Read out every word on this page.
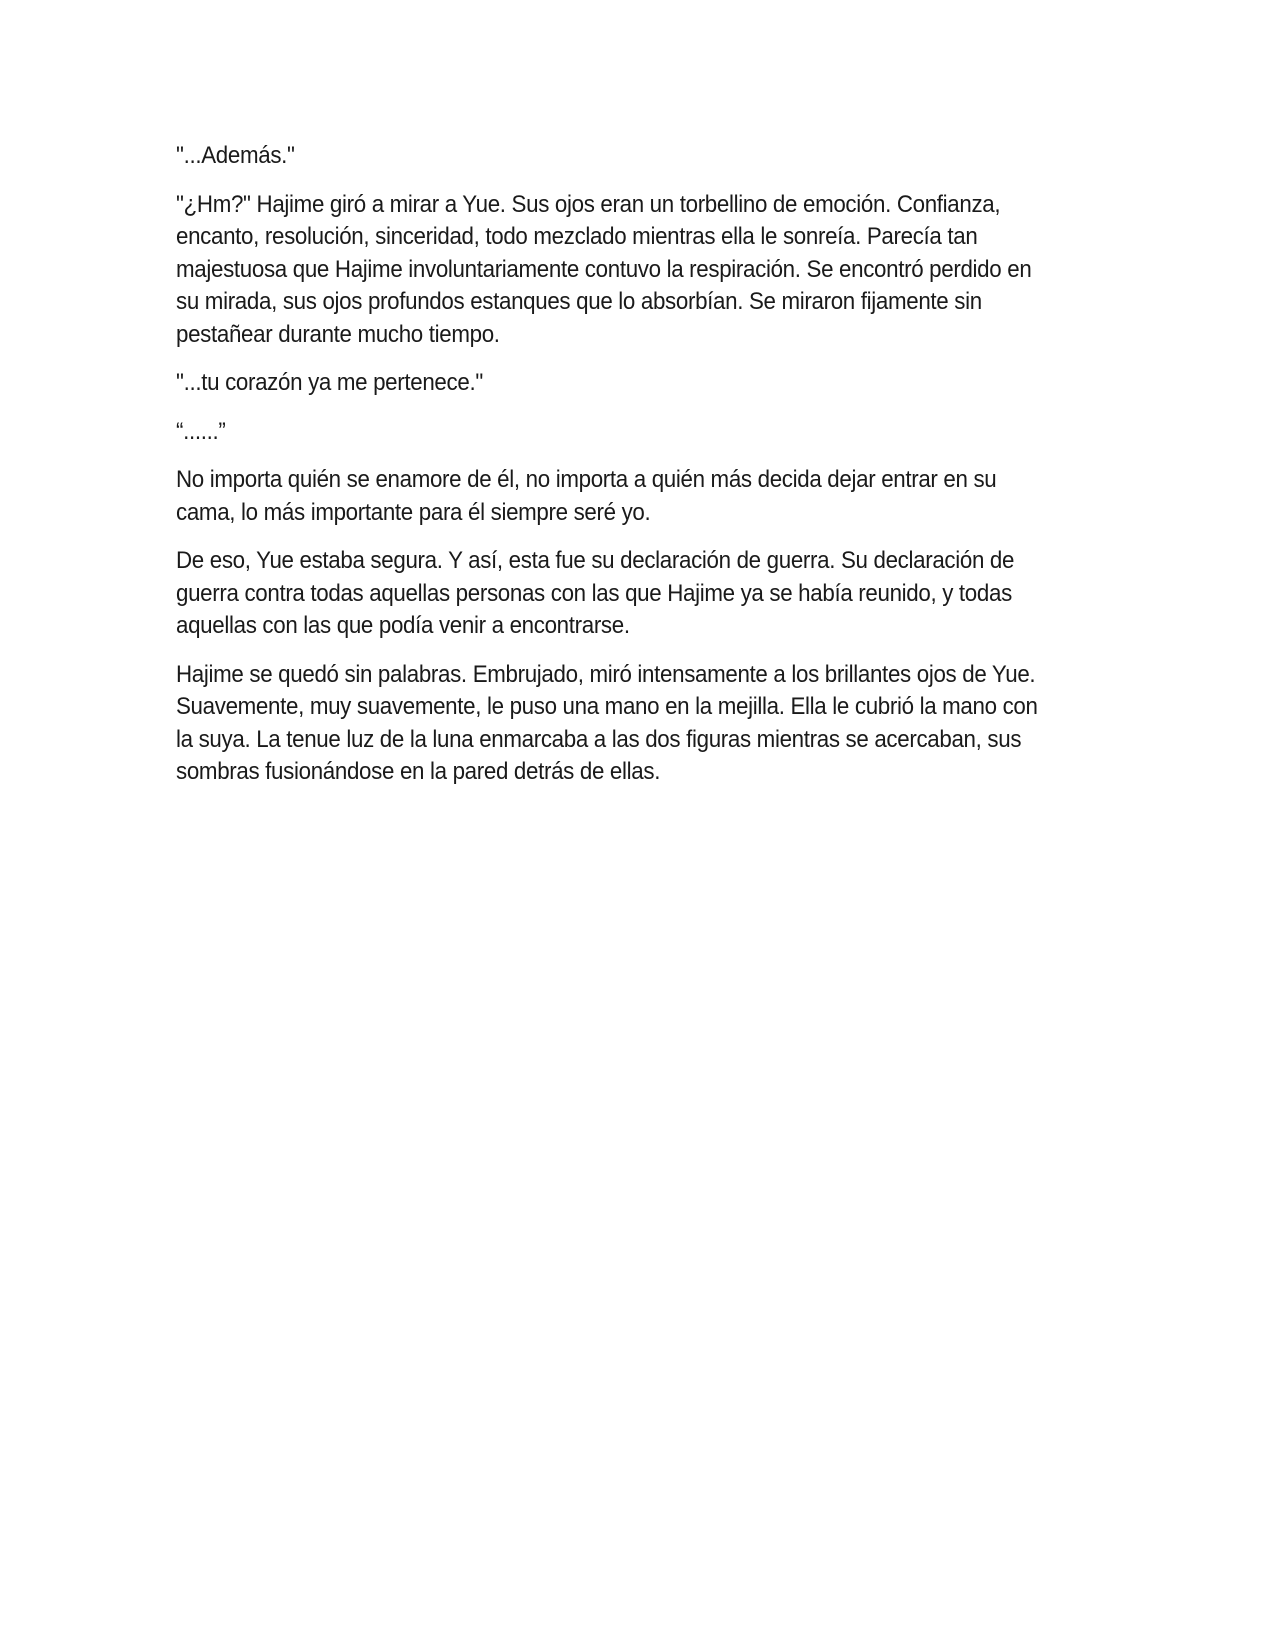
"...Además."

"¿Hm?" Hajime giró a mirar a Yue. Sus ojos eran un torbellino de emoción. Confianza, encanto, resolución, sinceridad, todo mezclado mientras ella le sonreía. Parecía tan majestuosa que Hajime involuntariamente contuvo la respiración. Se encontró perdido en su mirada, sus ojos profundos estanques que lo absorbían. Se miraron fijamente sin pestañear durante mucho tiempo.

"...tu corazón ya me pertenece."

“......”

No importa quién se enamore de él, no importa a quién más decida dejar entrar en su cama, lo más importante para él siempre seré yo.

De eso, Yue estaba segura. Y así, esta fue su declaración de guerra. Su declaración de guerra contra todas aquellas personas con las que Hajime ya se había reunido, y todas aquellas con las que podía venir a encontrarse.

Hajime se quedó sin palabras. Embrujado, miró intensamente a los brillantes ojos de Yue. Suavemente, muy suavemente, le puso una mano en la mejilla. Ella le cubrió la mano con la suya. La tenue luz de la luna enmarcaba a las dos figuras mientras se acercaban, sus sombras fusionándose en la pared detrás de ellas.
